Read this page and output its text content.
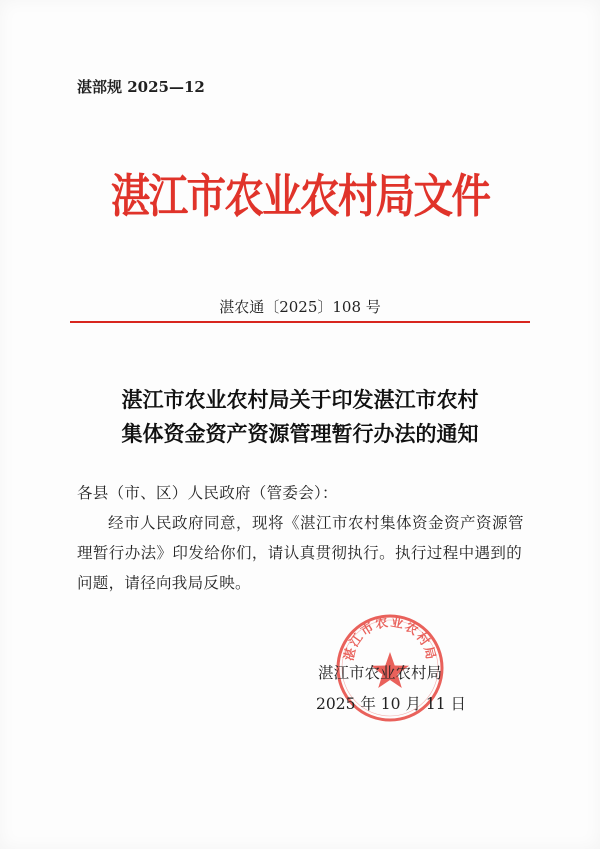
湛部规 2025—12
湛江市农业农村局文件
湛农通〔2025〕108 号
湛江市农业农村局关于印发湛江市农村
集体资金资产资源管理暂行办法的通知
各县（市、区）人民政府（管委会）：
经市人民政府同意，现将《湛江市农村集体资金资产资源管
理暂行办法》印发给你们，请认真贯彻执行。执行过程中遇到的
问题，请径向我局反映。
湛江市农业农村局
湛江市农业农村局
2025 年 10 月 11 日
